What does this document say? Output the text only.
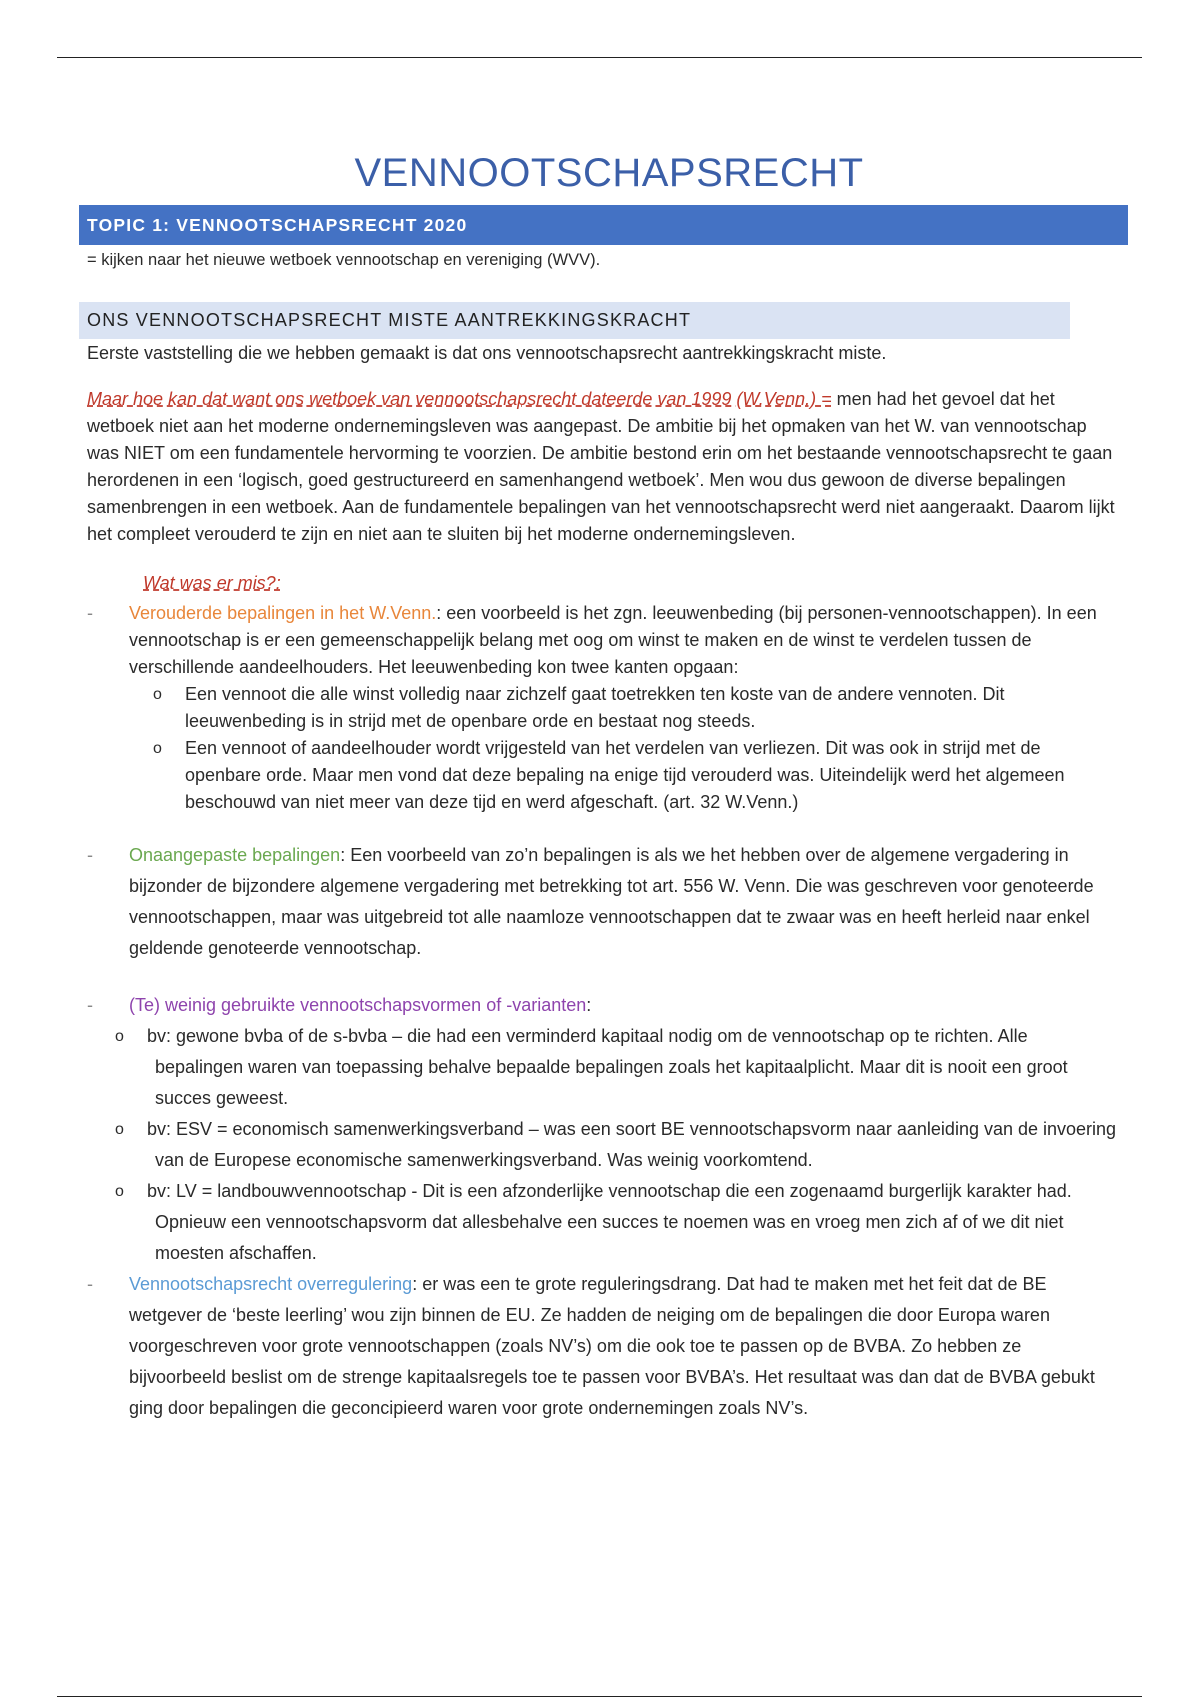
VENNOOTSCHAPSRECHT
TOPIC 1: VENNOOTSCHAPSRECHT 2020
= kijken naar het nieuwe wetboek vennootschap en vereniging (WVV).
ONS VENNOOTSCHAPSRECHT MISTE AANTREKKINGSKRACHT
Eerste vaststelling die we hebben gemaakt is dat ons vennootschapsrecht aantrekkingskracht miste.
Maar hoe kan dat want ons wetboek van vennootschapsrecht dateerde van 1999 (W.Venn.) = men had het gevoel dat het wetboek niet aan het moderne ondernemingsleven was aangepast. De ambitie bij het opmaken van het W. van vennootschap was NIET om een fundamentele hervorming te voorzien. De ambitie bestond erin om het bestaande vennootschapsrecht te gaan herordenen in een ‘logisch, goed gestructureerd en samenhangend wetboek’. Men wou dus gewoon de diverse bepalingen samenbrengen in een wetboek. Aan de fundamentele bepalingen van het vennootschapsrecht werd niet aangeraakt. Daarom lijkt het compleet verouderd te zijn en niet aan te sluiten bij het moderne ondernemingsleven.
Wat was er mis?:
- Verouderde bepalingen in het W.Venn.: een voorbeeld is het zgn. leeuwenbeding (bij personen-vennootschappen). In een vennootschap is er een gemeenschappelijk belang met oog om winst te maken en de winst te verdelen tussen de verschillende aandeelhouders. Het leeuwenbeding kon twee kanten opgaan:
o Een vennoot die alle winst volledig naar zichzelf gaat toetrekken ten koste van de andere vennoten. Dit leeuwenbeding is in strijd met de openbare orde en bestaat nog steeds.
o Een vennoot of aandeelhouder wordt vrijgesteld van het verdelen van verliezen. Dit was ook in strijd met de openbare orde. Maar men vond dat deze bepaling na enige tijd verouderd was. Uiteindelijk werd het algemeen beschouwd van niet meer van deze tijd en werd afgeschaft. (art. 32 W.Venn.)
- Onaangepaste bepalingen: Een voorbeeld van zo’n bepalingen is als we het hebben over de algemene vergadering in bijzonder de bijzondere algemene vergadering met betrekking tot art. 556 W. Venn. Die was geschreven voor genoteerde vennootschappen, maar was uitgebreid tot alle naamloze vennootschappen dat te zwaar was en heeft herleid naar enkel geldende genoteerde vennootschap.
- (Te) weinig gebruikte vennootschapsvormen of -varianten:
o bv: gewone bvba of de s-bvba – die had een verminderd kapitaal nodig om de vennootschap op te richten. Alle bepalingen waren van toepassing behalve bepaalde bepalingen zoals het kapitaalplicht. Maar dit is nooit een groot succes geweest.
o bv: ESV = economisch samenwerkingsverband – was een soort BE vennootschapsvorm naar aanleiding van de invoering van de Europese economische samenwerkingsverband. Was weinig voorkomtend.
o bv: LV = landbouwvennootschap - Dit is een afzonderlijke vennootschap die een zogenaamd burgerlijk karakter had. Opnieuw een vennootschapsvorm dat allesbehalve een succes te noemen was en vroeg men zich af of we dit niet moesten afschaffen.
- Vennootschapsrecht overregulering: er was een te grote reguleringsdrang. Dat had te maken met het feit dat de BE wetgever de ‘beste leerling’ wou zijn binnen de EU. Ze hadden de neiging om de bepalingen die door Europa waren voorgeschreven voor grote vennootschappen (zoals NV’s) om die ook toe te passen op de BVBA. Zo hebben ze bijvoorbeeld beslist om de strenge kapitaalsregels toe te passen voor BVBA’s. Het resultaat was dan dat de BVBA gebukt ging door bepalingen die geconcipieerd waren voor grote ondernemingen zoals NV’s.
